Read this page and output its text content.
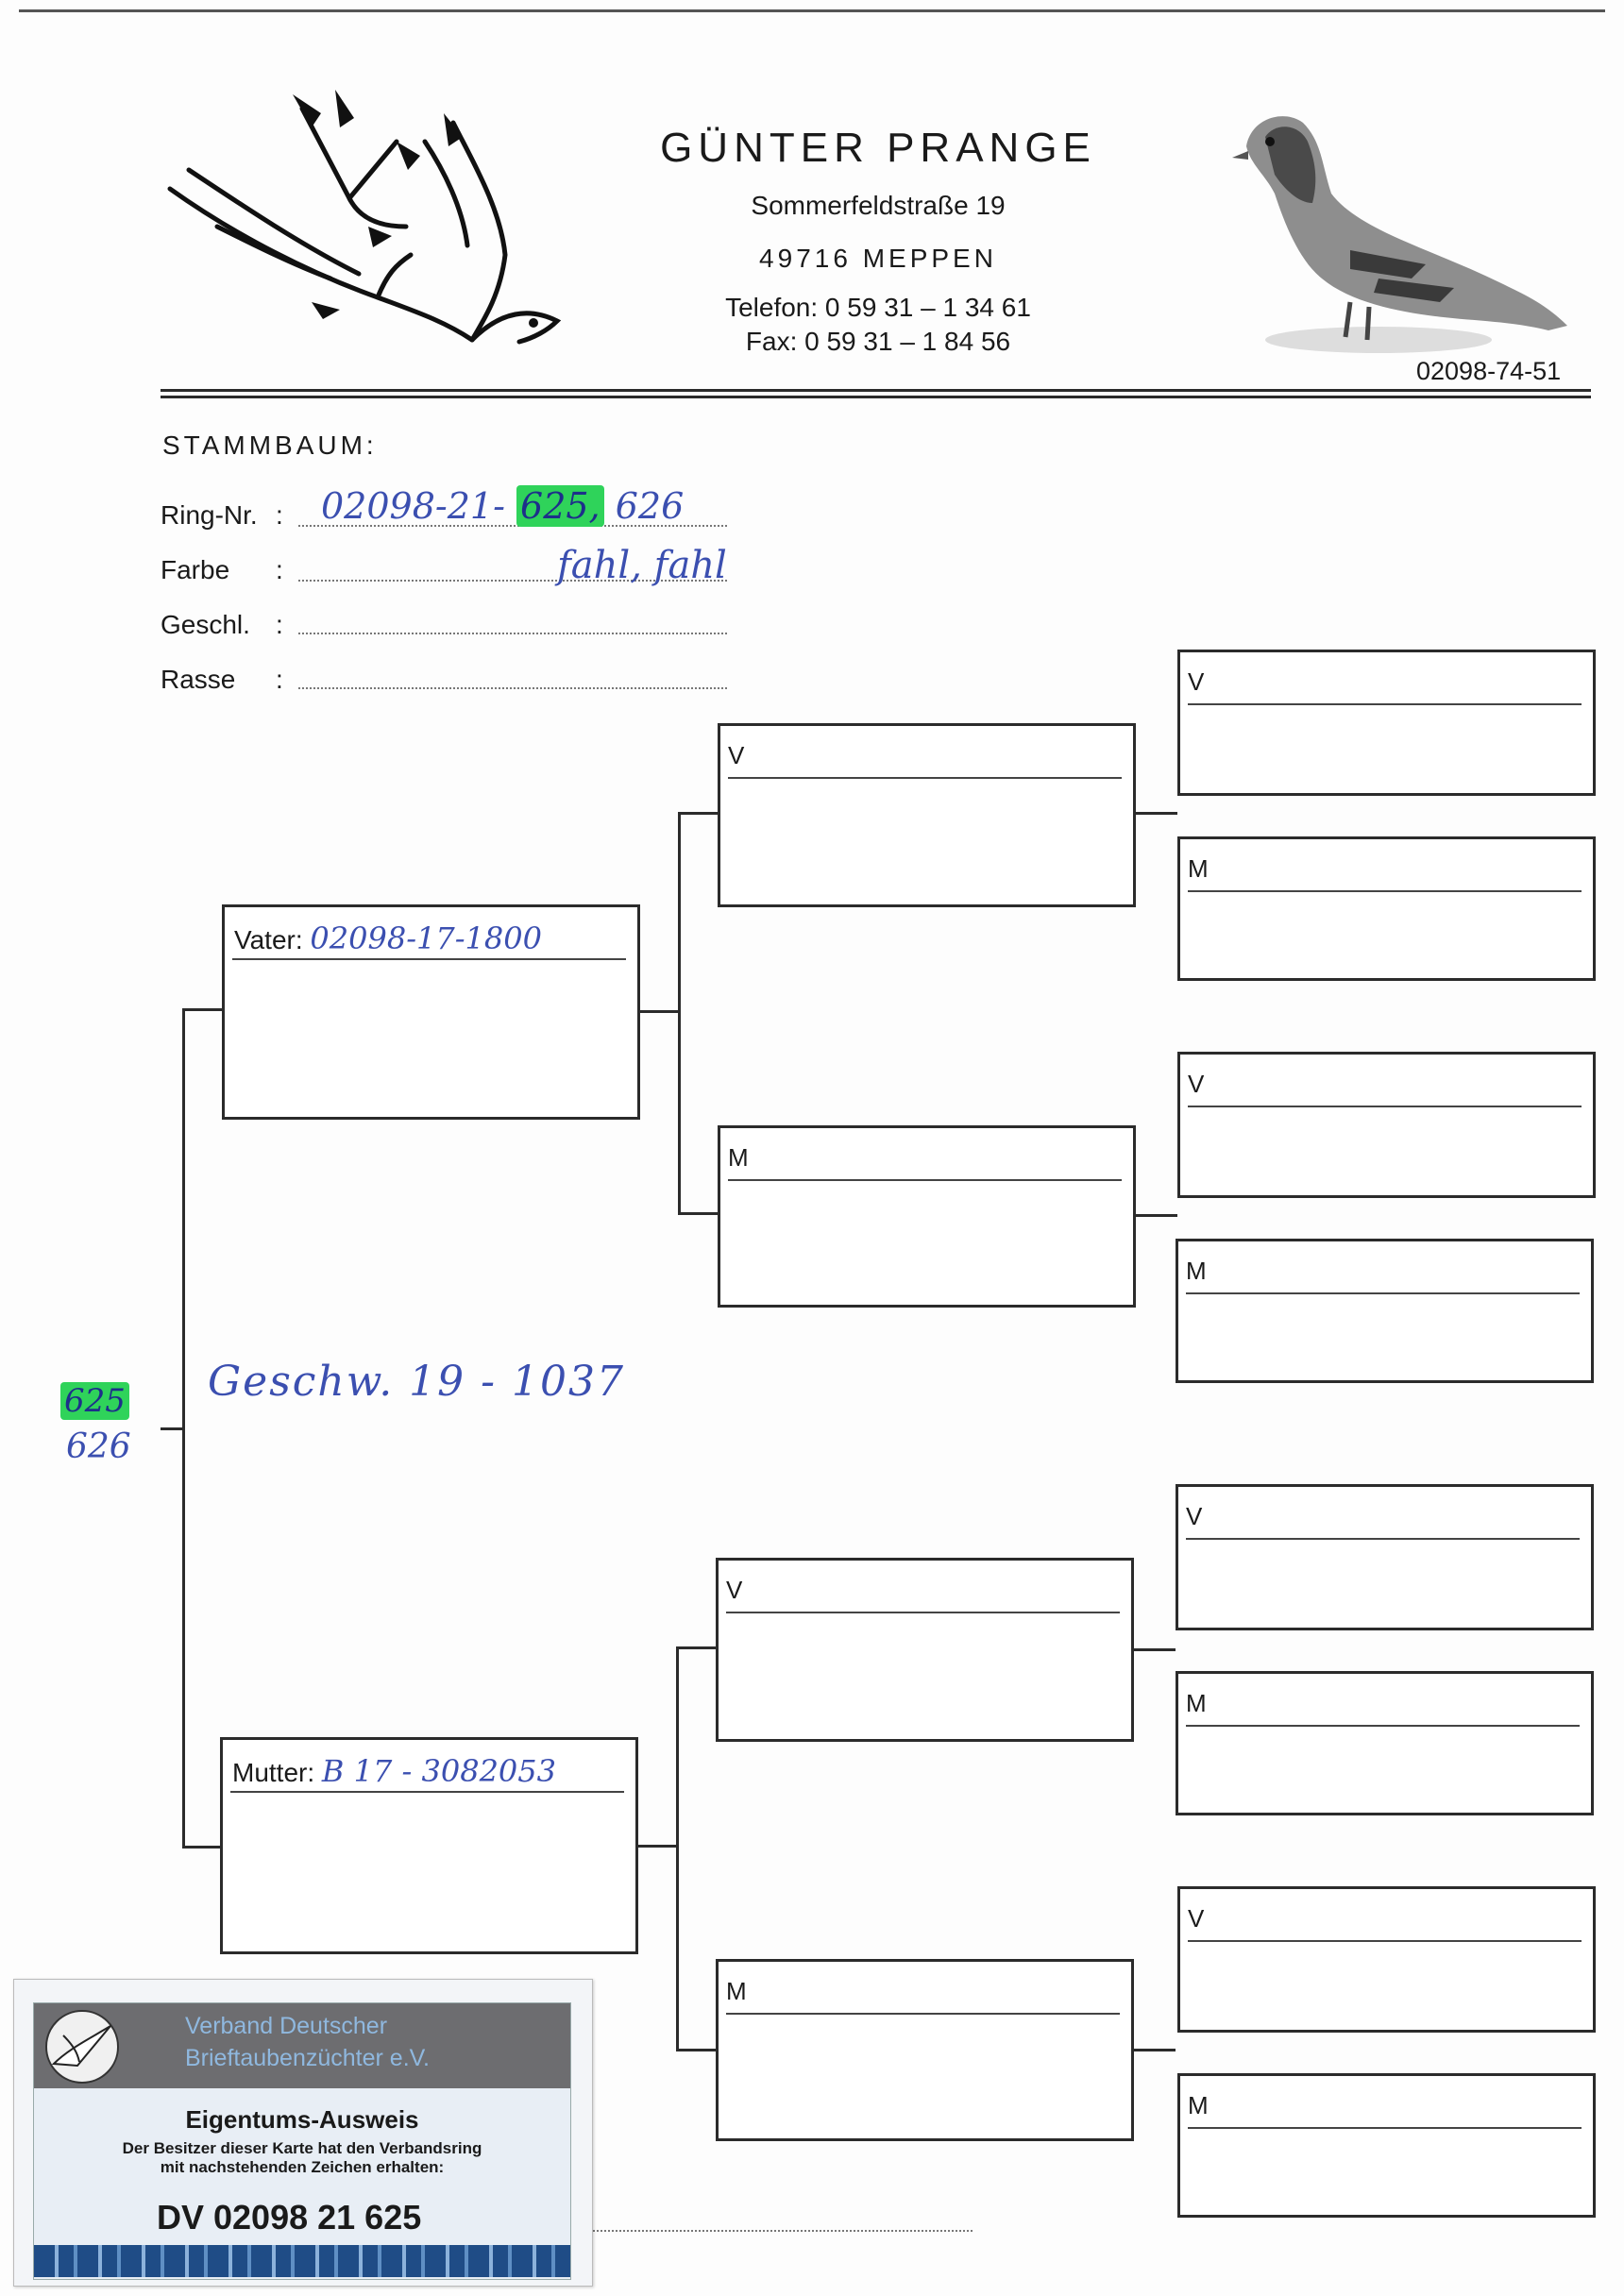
GÜNTER PRANGE
Sommerfeldstraße 19
49716 MEPPEN
Telefon: 0 59 31 – 1 34 61
Fax: 0 59 31 – 1 84 56
02098-74-51
STAMMBAUM:
Ring-Nr. : 02098-21- 625, 626
Farbe :	fahl, fahl
Geschl. :
Rasse :
Vater: 02098-17-1800
Mutter: B 17 - 3082053
625
626
Geschw. 19 - 1037
V
M
V
M
V
M
V
M
V
M
V
M
Verband Deutscher
Brieftaubenzüchter e.V.
Eigentums-Ausweis
Der Besitzer dieser Karte hat den Verbandsring
mit nachstehenden Zeichen erhalten:
DV 02098 21 625
